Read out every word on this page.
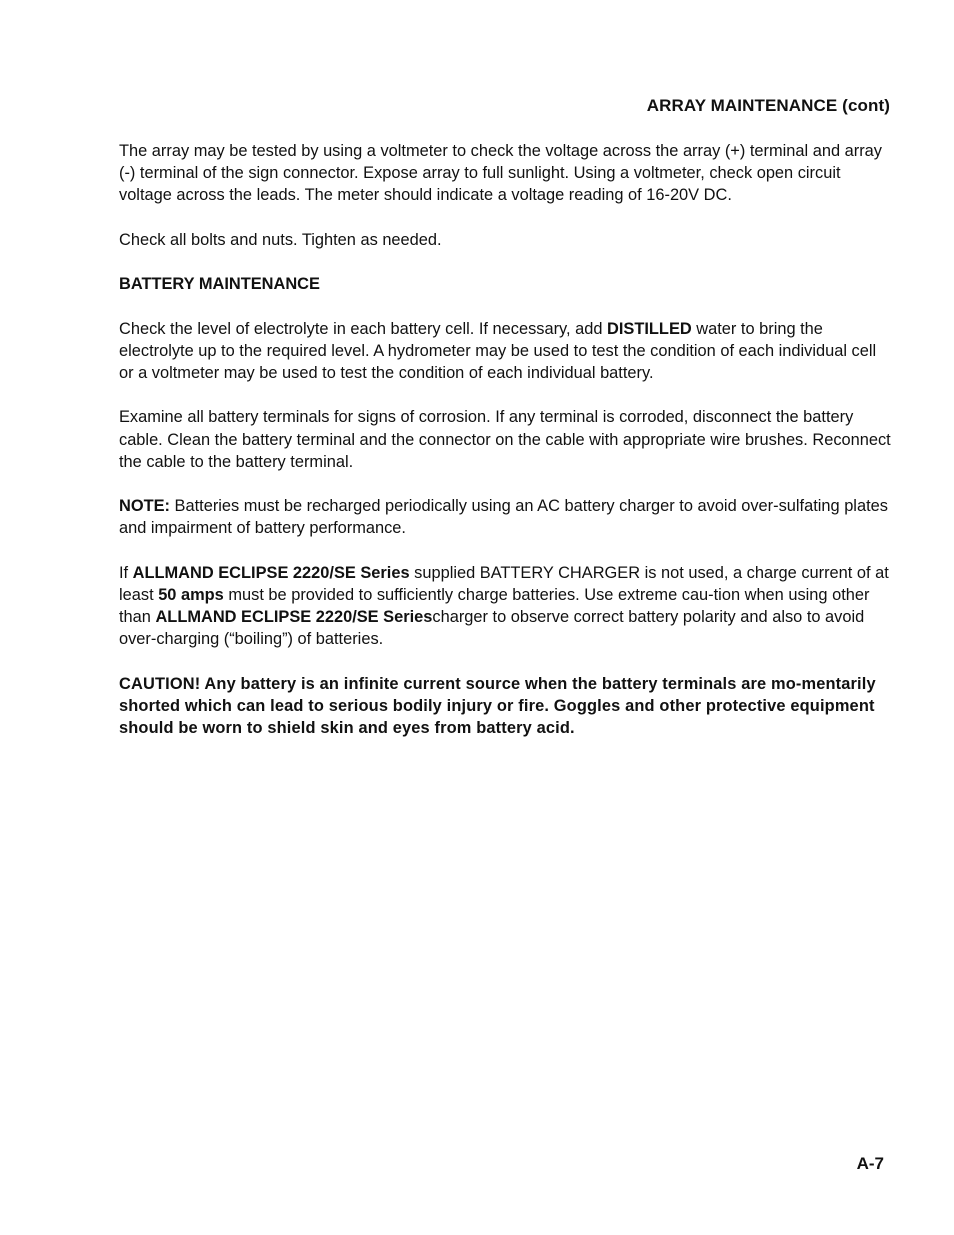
ARRAY MAINTENANCE (cont)

The array may be tested by using a voltmeter to check the voltage across the array (+) terminal and array (-) terminal of the sign connector. Expose array to full sunlight. Using a voltmeter, check open circuit voltage across the leads. The meter should indicate a voltage reading of 16-20V DC.

Check all bolts and nuts. Tighten as needed.

BATTERY MAINTENANCE

Check the level of electrolyte in each battery cell. If necessary, add DISTILLED water to bring the electrolyte up to the required level. A hydrometer may be used to test the condition of each individual cell or a voltmeter may be used to test the condition of each individual battery.

Examine all battery terminals for signs of corrosion. If any terminal is corroded, disconnect the battery cable. Clean the battery terminal and the connector on the cable with appropriate wire brushes. Reconnect the cable to the battery terminal.

NOTE: Batteries must be recharged periodically using an AC battery charger to avoid over-sulfating plates and impairment of battery performance.

If ALLMAND ECLIPSE 2220/SE Series supplied BATTERY CHARGER is not used, a charge current of at least 50 amps must be provided to sufficiently charge batteries. Use extreme cau-tion when using other than ALLMAND ECLIPSE 2220/SE Seriescharger to observe correct battery polarity and also to avoid over-charging (“boiling”) of batteries.

CAUTION! Any battery is an infinite current source when the battery terminals are mo-mentarily shorted which can lead to serious bodily injury or fire. Goggles and other protective equipment should be worn to shield skin and eyes from battery acid.

A-7
